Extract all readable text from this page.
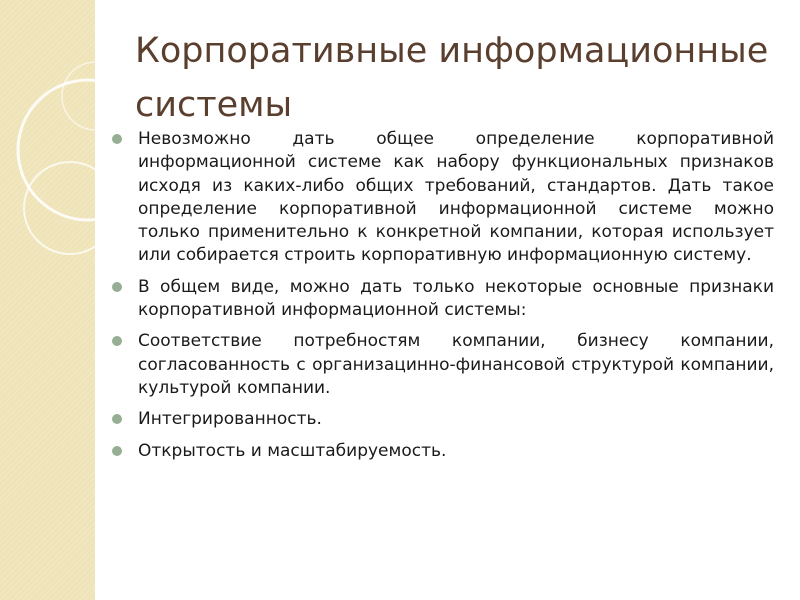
Корпоративные информационные системы
Невозможно дать общее определение корпоративной информационной системе как набору функциональных признаков исходя из каких-либо общих требований, стандартов. Дать такое определение корпоративной информационной системе можно только применительно к конкретной компании, которая использует или собирается строить корпоративную информационную систему.
В общем виде, можно дать только некоторые основные признаки корпоративной информационной системы:
Соответствие потребностям компании, бизнесу компании, согласованность с организацинно-финансовой структурой компании, культурой компании.
Интегрированность.
Открытость и масштабируемость.
